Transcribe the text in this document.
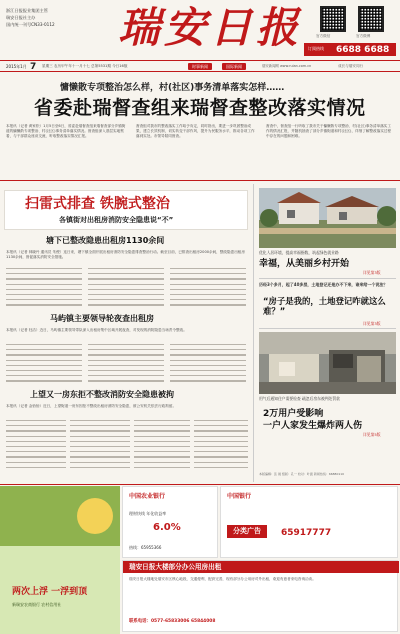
浙江日报报业集团主管
瑞安日报社主办
国内统一刊号CN33-0112 瑞安日报	官方微信	官方微博
订阅热线 6688 6688
2015年1月 7 星期三 农历甲午年十一月十七 总第5531期 今日16版	时事新闻	国际新闻	瑞安新闻网 www.ruian.com.cn	成长与瑞安同行
慵懒散专项整治怎么样，村(社区)事务清单落实怎样……
省委赴瑞督查组来瑞督查整改落实情况
本报讯（记者 黄家松）1月5日至6日，省委赴瑞督查组来瑞督查部分乡镇街道的慵懒散专项整治、村(社区)事务清单落实情况。督查组深入基层实地察看，与干部群众座谈交流，听取整改落实情况汇报。
督查组对我市的整改落实工作给予肯定，同时指出，要进一步巩固整治成果，建立长效机制，切实转变干部作风，提升为民服务水平，推动各项工作落到实处。市领导陪同督查。
督查中，督查组一行听取了我市关于慵懒散专项整治、村(社区)事务清单落实工作的情况汇报，并随机抽查了部分乡镇街道和村(社区)，详细了解整改落实过程中存在的问题和困难。
扫雷式排查 铁腕式整治
各镇街对出租房消防安全隐患说“不”
塘下已整改隐患出租房1130余间
本报讯（记者 林晓丹 通讯员 朱俊）连日来，塘下镇全面开展出租房消防安全隐患排查整治行动。截至目前，已排查出租房2000余间，整改隐患出租房1130余间，督促落实消防安全措施。
马屿镇主要领导轮夜查出租房
本报讯（记者 杜洁）近日，马屿镇主要领导带队深入出租房集中区域开展夜查，对发现的消防隐患当场责令整改。
上望又一房东拒不整改消防安全隐患被拘
本报讯（记者 金怡怡）近日，上望街道一房东因拒不整改出租房消防安全隐患，被公安机关依法行政拘留。
优化人居环境，提高幸福指数，筑起绿色就业路
幸福，从美丽乡村开始
详见第3版
历经3个多月，起了40多层，土地登记还是办不下来，谁来给一个说法？
“房子是我的，土地登记咋就这么难？”
详见第3版
用气后通知住户需要检查 疏忽后房东被判处罚款
2万用户受影响
一户人家发生爆炸两人伤
详见第5版
本版编辑：张 晨 组版：孔一 校对：叶振 新闻热线：66880110
两次上浮 一浮到顶
新瑞安农商银行 农村信用社
中国农业银行
理财快线 年化收益率
6.0%
热线：65955366
中国银行
分类广告	65917777
瑞安日报大楼部分办公用房出租
瑞安日报大楼地处瑞安市区核心地段，交通便利，配套完善，现有部分办公用房对外出租，欢迎有意者来电咨询洽谈。
联系电话：0577-65833006 65844008
